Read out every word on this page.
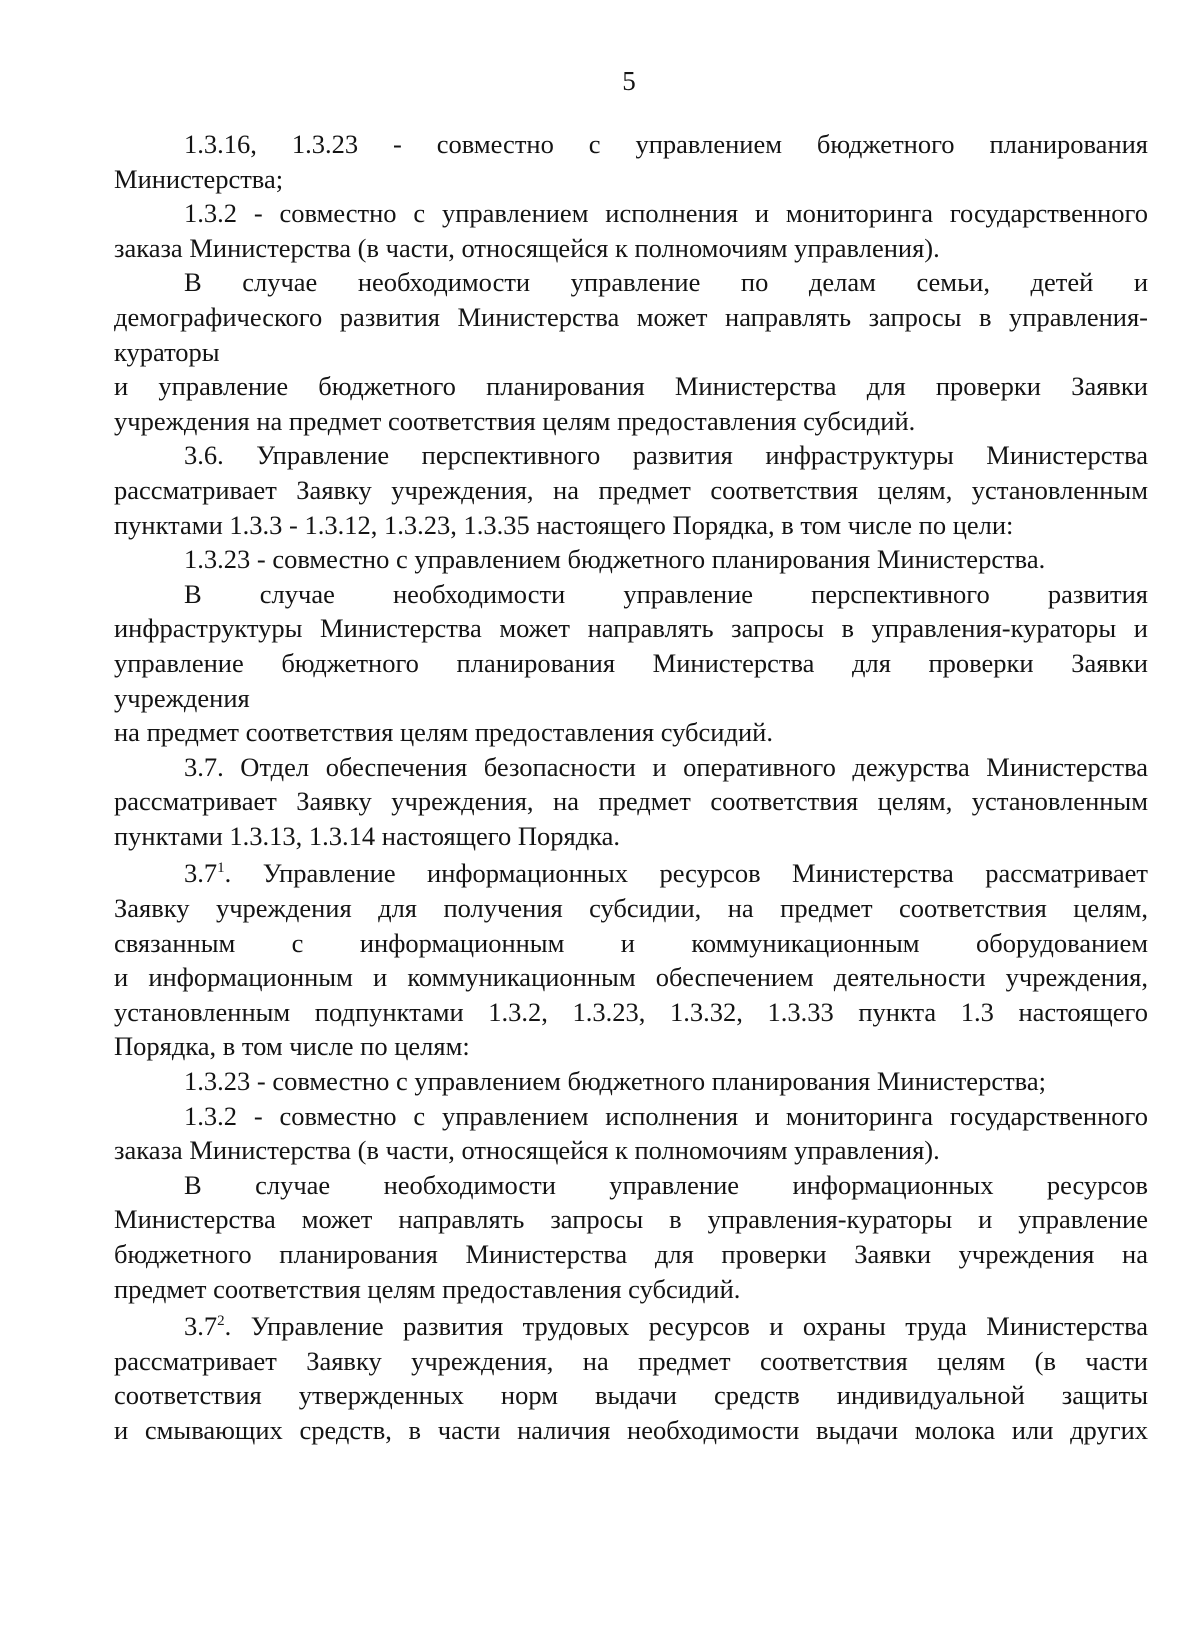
5

1.3.16, 1.3.23 - совместно с управлением бюджетного планирования
Министерства;

1.3.2 - совместно с управлением исполнения и мониторинга государственного
заказа Министерства (в части, относящейся к полномочиям управления).

В случае необходимости управление по делам семьи, детей и
демографического развития Министерства может направлять запросы в управления-
кураторы
и управление бюджетного планирования Министерства для проверки Заявки
учреждения на предмет соответствия целям предоставления субсидий.

3.6. Управление перспективного развития инфраструктуры Министерства
рассматривает Заявку учреждения, на предмет соответствия целям, установленным
пунктами 1.3.3 - 1.3.12, 1.3.23, 1.3.35 настоящего Порядка, в том числе по цели:

1.3.23 - совместно с управлением бюджетного планирования Министерства.

В случае необходимости управление перспективного развития
инфраструктуры Министерства может направлять запросы в управления-кураторы и
управление бюджетного планирования Министерства для проверки Заявки
учреждения
на предмет соответствия целям предоставления субсидий.

3.7. Отдел обеспечения безопасности и оперативного дежурства Министерства
рассматривает Заявку учреждения, на предмет соответствия целям, установленным
пунктами 1.3.13, 1.3.14 настоящего Порядка.

$3.7^1$. Управление информационных ресурсов Министерства рассматривает
Заявку учреждения для получения субсидии, на предмет соответствия целям,
связанным с информационным и коммуникационным оборудованием
и информационным и коммуникационным обеспечением деятельности учреждения,
установленным подпунктами 1.3.2, 1.3.23, 1.3.32, 1.3.33 пункта 1.3 настоящего
Порядка, в том числе по целям:

1.3.23 - совместно с управлением бюджетного планирования Министерства;

1.3.2 - совместно с управлением исполнения и мониторинга государственного
заказа Министерства (в части, относящейся к полномочиям управления).

В случае необходимости управление информационных ресурсов
Министерства может направлять запросы в управления-кураторы и управление
бюджетного планирования Министерства для проверки Заявки учреждения на
предмет соответствия целям предоставления субсидий.

$3.7^2$. Управление развития трудовых ресурсов и охраны труда Министерства
рассматривает Заявку учреждения, на предмет соответствия целям (в части
соответствия утвержденных норм выдачи средств индивидуальной защиты
и смывающих средств, в части наличия необходимости выдачи молока или других
